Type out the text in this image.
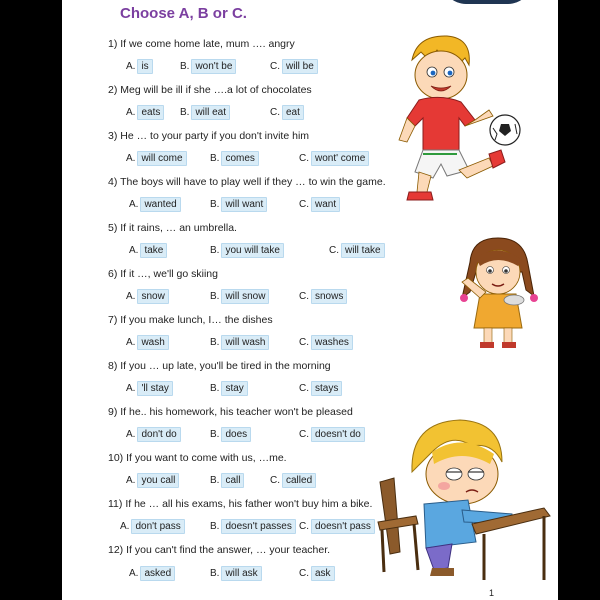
Choose A, B or C.
1) If we come home late, mum …. angry
A. is	B. won't be	C. will be
2) Meg will be ill if she ….a lot of chocolates
A. eats	B. will eat	C. eat
3) He … to your party if you don't invite him
A. will come	B. comes	C. wont' come
4) The boys will have to play well if they … to win the game.
A. wanted	B. will want	C. want
5) If it rains, … an umbrella.
A. take	B. you will take	C. will take
6) If it …, we'll go skiing
A. snow	B. will snow	C. snows
7) If you make lunch, I… the dishes
A. wash	B. will wash	C. washes
8) If you … up late, you'll be tired in the morning
A. 'll stay	B. stay	C. stays
9) If he.. his homework, his teacher won't be pleased
A. don't do	B. does	C. doesn't do
10) If you want to come with us, …me.
A. you call	B. call	C. called
11) If he … all his exams, his father won't buy him a bike.
A. don't pass	B. doesn't passes C. doesn't pass
12) If you can't find the answer, … your teacher.
A. asked	B. will ask	C. ask
1
